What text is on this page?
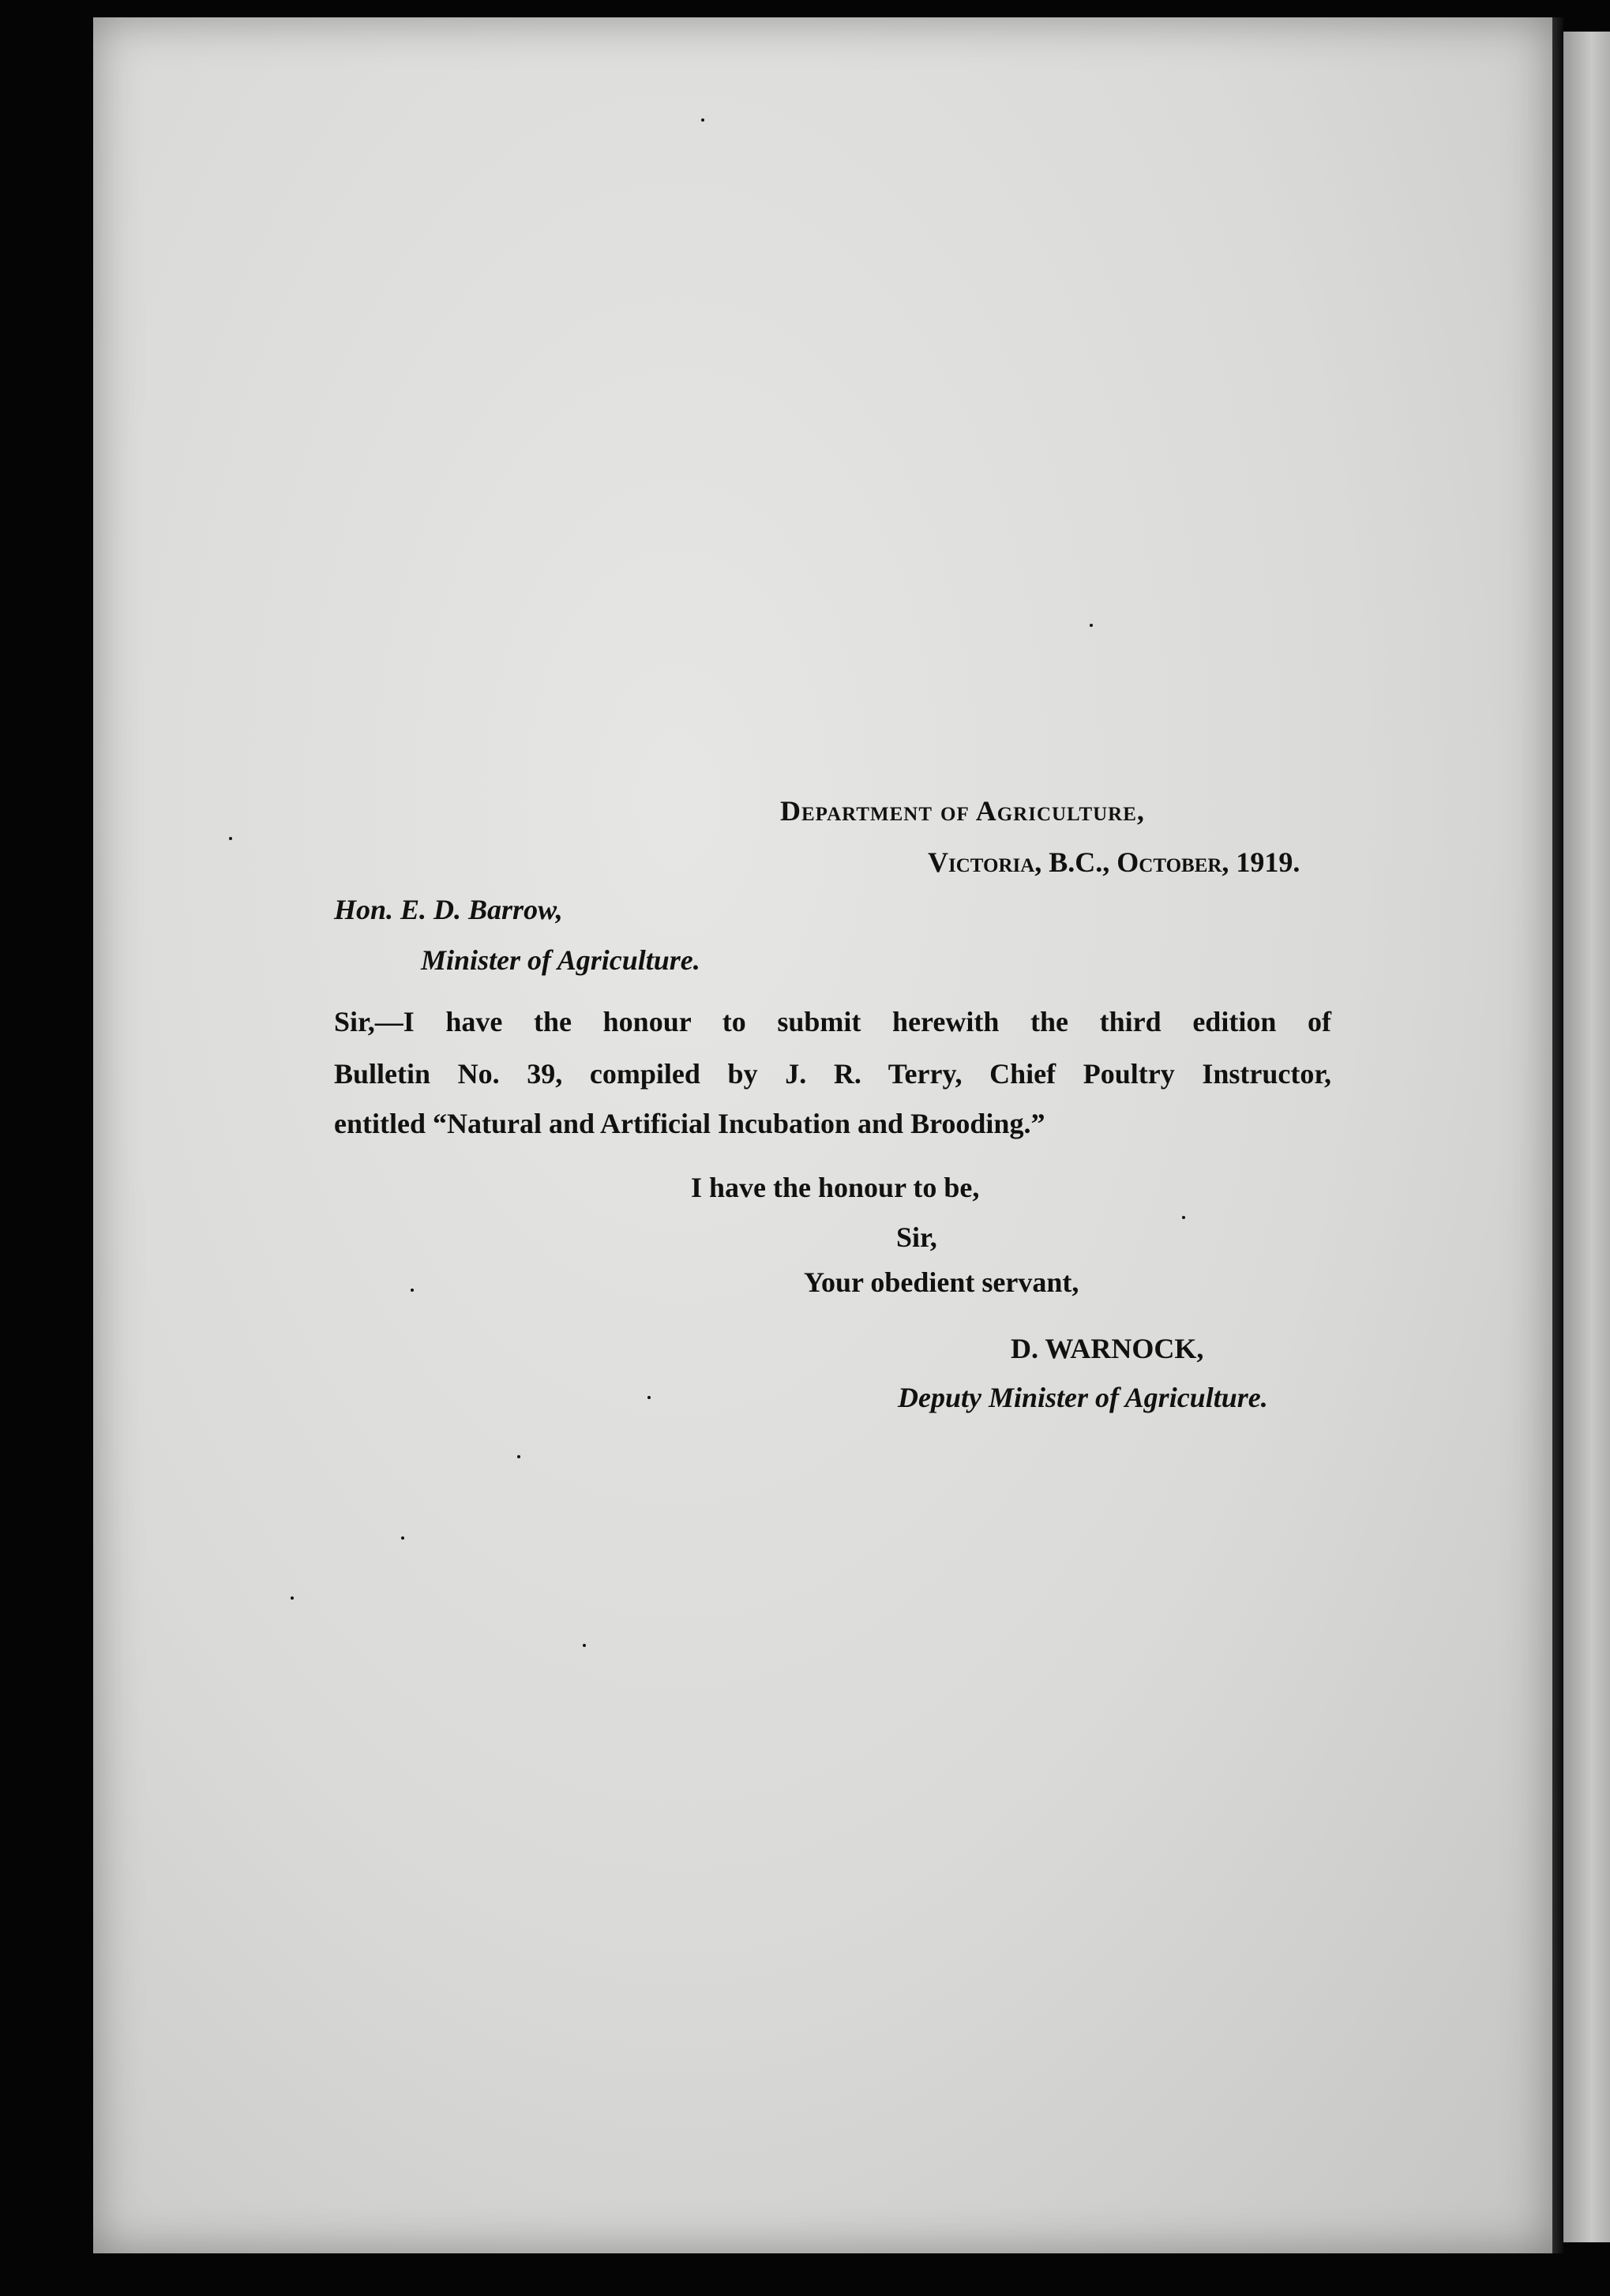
Department of Agriculture,
Victoria, B.C., October, 1919.
Hon. E. D. Barrow,
Minister of Agriculture.
Sir,—I have the honour to submit herewith the third edition of
Bulletin No. 39, compiled by J. R. Terry, Chief Poultry Instructor,
entitled “Natural and Artificial Incubation and Brooding.”
I have the honour to be,
Sir,
Your obedient servant,
D. WARNOCK,
Deputy Minister of Agriculture.
